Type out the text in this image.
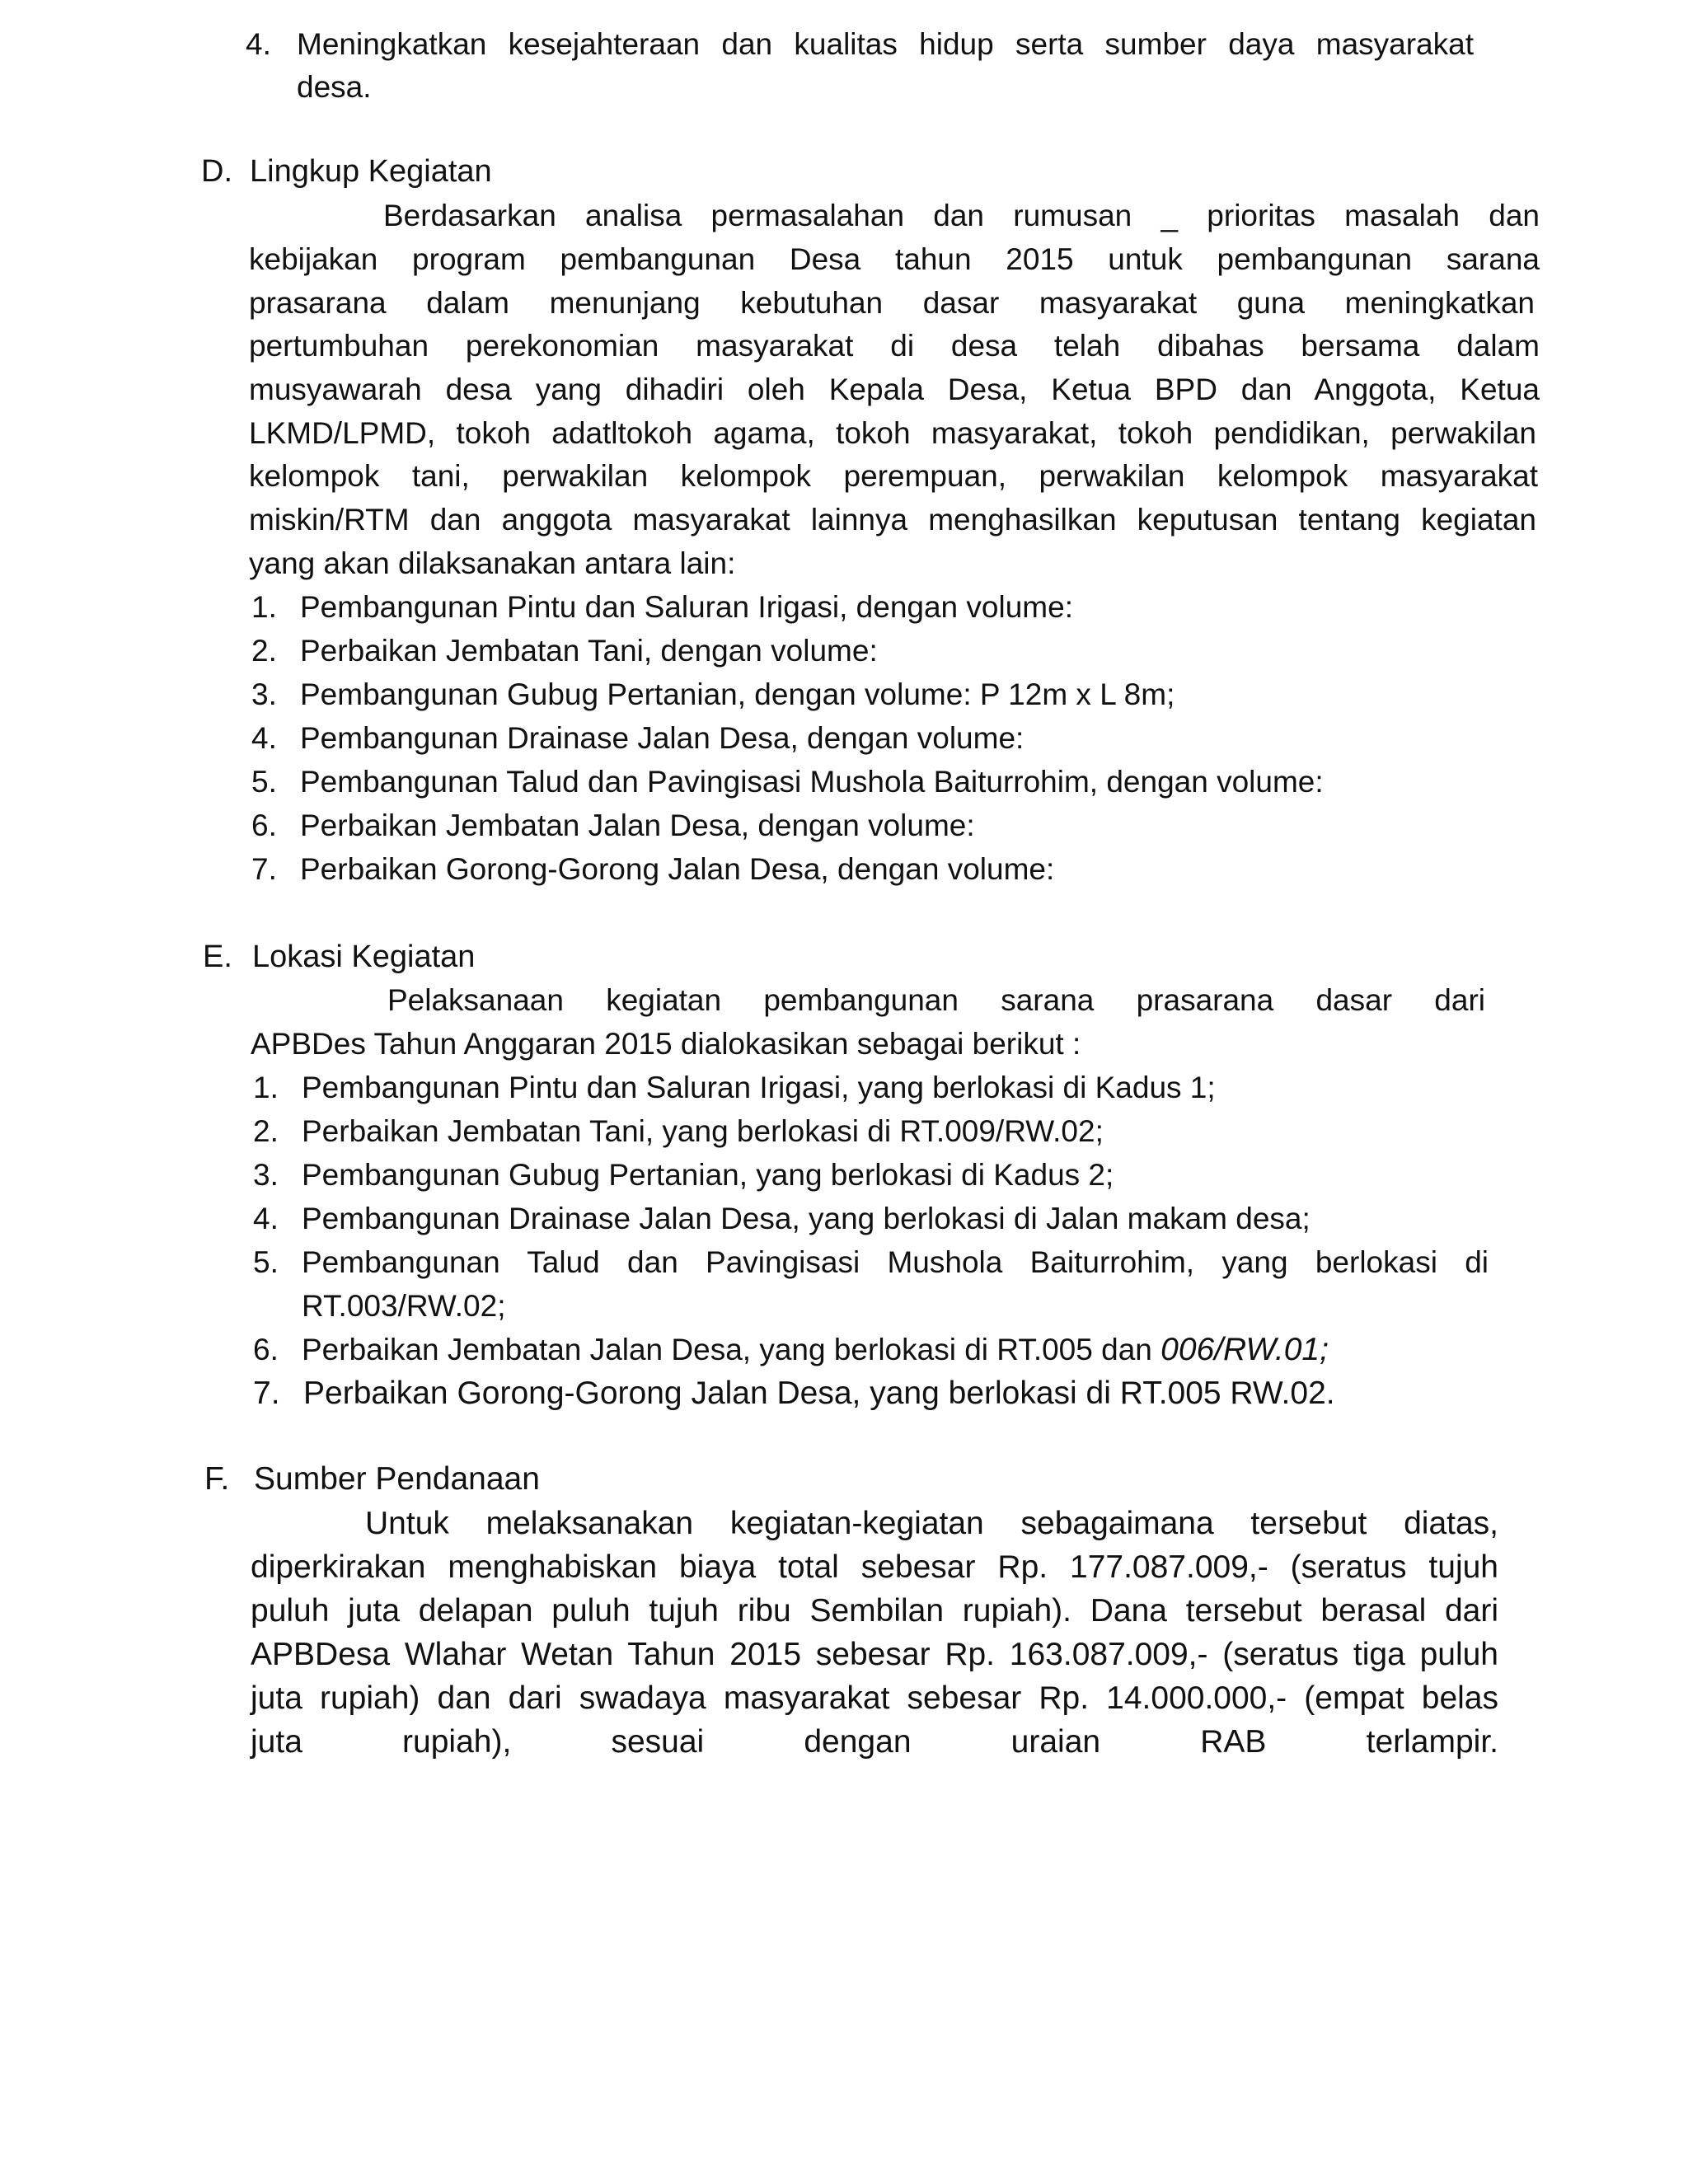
4. Meningkatkan kesejahteraan dan kualitas hidup serta sumber daya masyarakat
desa.
D. Lingkup Kegiatan
Berdasarkan analisa permasalahan dan rumusan _ prioritas masalah dan
kebijakan program pembangunan Desa tahun 2015 untuk pembangunan sarana
prasarana dalam menunjang kebutuhan dasar masyarakat guna meningkatkan
pertumbuhan perekonomian masyarakat di desa telah dibahas bersama dalam
musyawarah desa yang dihadiri oleh Kepala Desa, Ketua BPD dan Anggota, Ketua
LKMD/LPMD, tokoh adatltokoh agama, tokoh masyarakat, tokoh pendidikan, perwakilan
kelompok tani, perwakilan kelompok perempuan, perwakilan kelompok masyarakat
miskin/RTM dan anggota masyarakat lainnya menghasilkan keputusan tentang kegiatan
yang akan dilaksanakan antara lain:
1. Pembangunan Pintu dan Saluran Irigasi, dengan volume:
2. Perbaikan Jembatan Tani, dengan volume:
3. Pembangunan Gubug Pertanian, dengan volume: P 12m x L 8m;
4. Pembangunan Drainase Jalan Desa, dengan volume:
5. Pembangunan Talud dan Pavingisasi Mushola Baiturrohim, dengan volume:
6. Perbaikan Jembatan Jalan Desa, dengan volume:
7. Perbaikan Gorong-Gorong Jalan Desa, dengan volume:
E. Lokasi Kegiatan
Pelaksanaan kegiatan pembangunan sarana prasarana dasar dari
APBDes Tahun Anggaran 2015 dialokasikan sebagai berikut :
1. Pembangunan Pintu dan Saluran Irigasi, yang berlokasi di Kadus 1;
2. Perbaikan Jembatan Tani, yang berlokasi di RT.009/RW.02;
3. Pembangunan Gubug Pertanian, yang berlokasi di Kadus 2;
4. Pembangunan Drainase Jalan Desa, yang berlokasi di Jalan makam desa;
5. Pembangunan Talud dan Pavingisasi Mushola Baiturrohim, yang berlokasi di
RT.003/RW.02;
6. Perbaikan Jembatan Jalan Desa, yang berlokasi di RT.005 dan 006/RW.01;
7. Perbaikan Gorong-Gorong Jalan Desa, yang berlokasi di RT.005 RW.02.
F. Sumber Pendanaan
Untuk melaksanakan kegiatan-kegiatan sebagaimana tersebut diatas,
diperkirakan menghabiskan biaya total sebesar Rp. 177.087.009,- (seratus tujuh
puluh juta delapan puluh tujuh ribu Sembilan rupiah). Dana tersebut berasal dari
APBDesa Wlahar Wetan Tahun 2015 sebesar Rp. 163.087.009,- (seratus tiga puluh
juta rupiah) dan dari swadaya masyarakat sebesar Rp. 14.000.000,- (empat belas
juta rupiah), sesuai dengan uraian RAB terlampir.
